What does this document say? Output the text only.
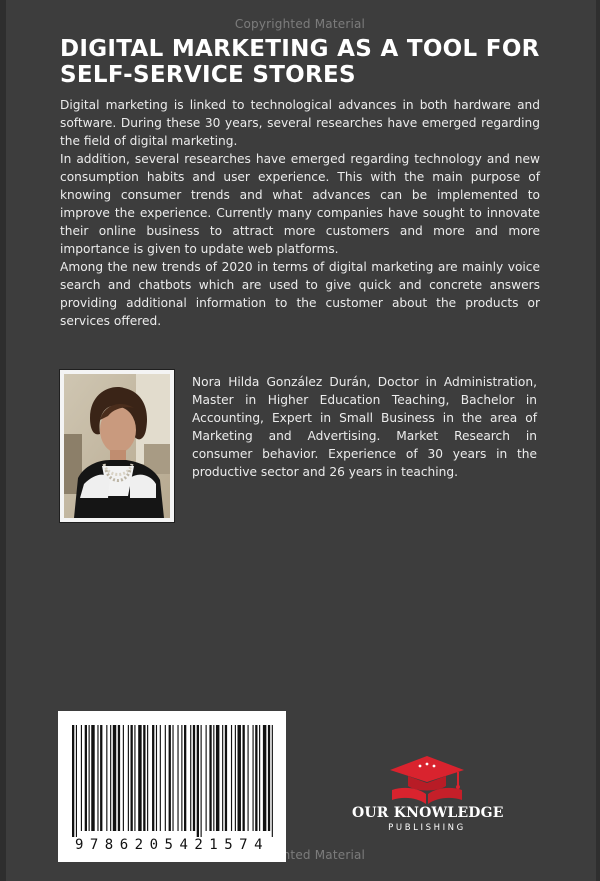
Copyrighted Material
DIGITAL MARKETING AS A TOOL FOR SELF-SERVICE STORES

Digital marketing is linked to technological advances in both hardware and software. During these 30 years, several researches have emerged regarding the field of digital marketing.

In addition, several researches have emerged regarding technology and new consumption habits and user experience. This with the main purpose of knowing consumer trends and what advances can be implemented to improve the experience. Currently many companies have sought to innovate their online business to attract more customers and more and more importance is given to update web platforms.

Among the new trends of 2020 in terms of digital marketing are mainly voice search and chatbots which are used to give quick and concrete answers providing additional information to the customer about the products or services offered.

Nora Hilda González Durán, Doctor in Administration, Master in Higher Education Teaching, Bachelor in Accounting, Expert in Small Business in the area of Marketing and Advertising. Market Research in consumer behavior. Experience of 30 years in the productive sector and 26 years in teaching.

9786205421574
OUR KNOWLEDGE
PUBLISHING
Copyrighted Material
